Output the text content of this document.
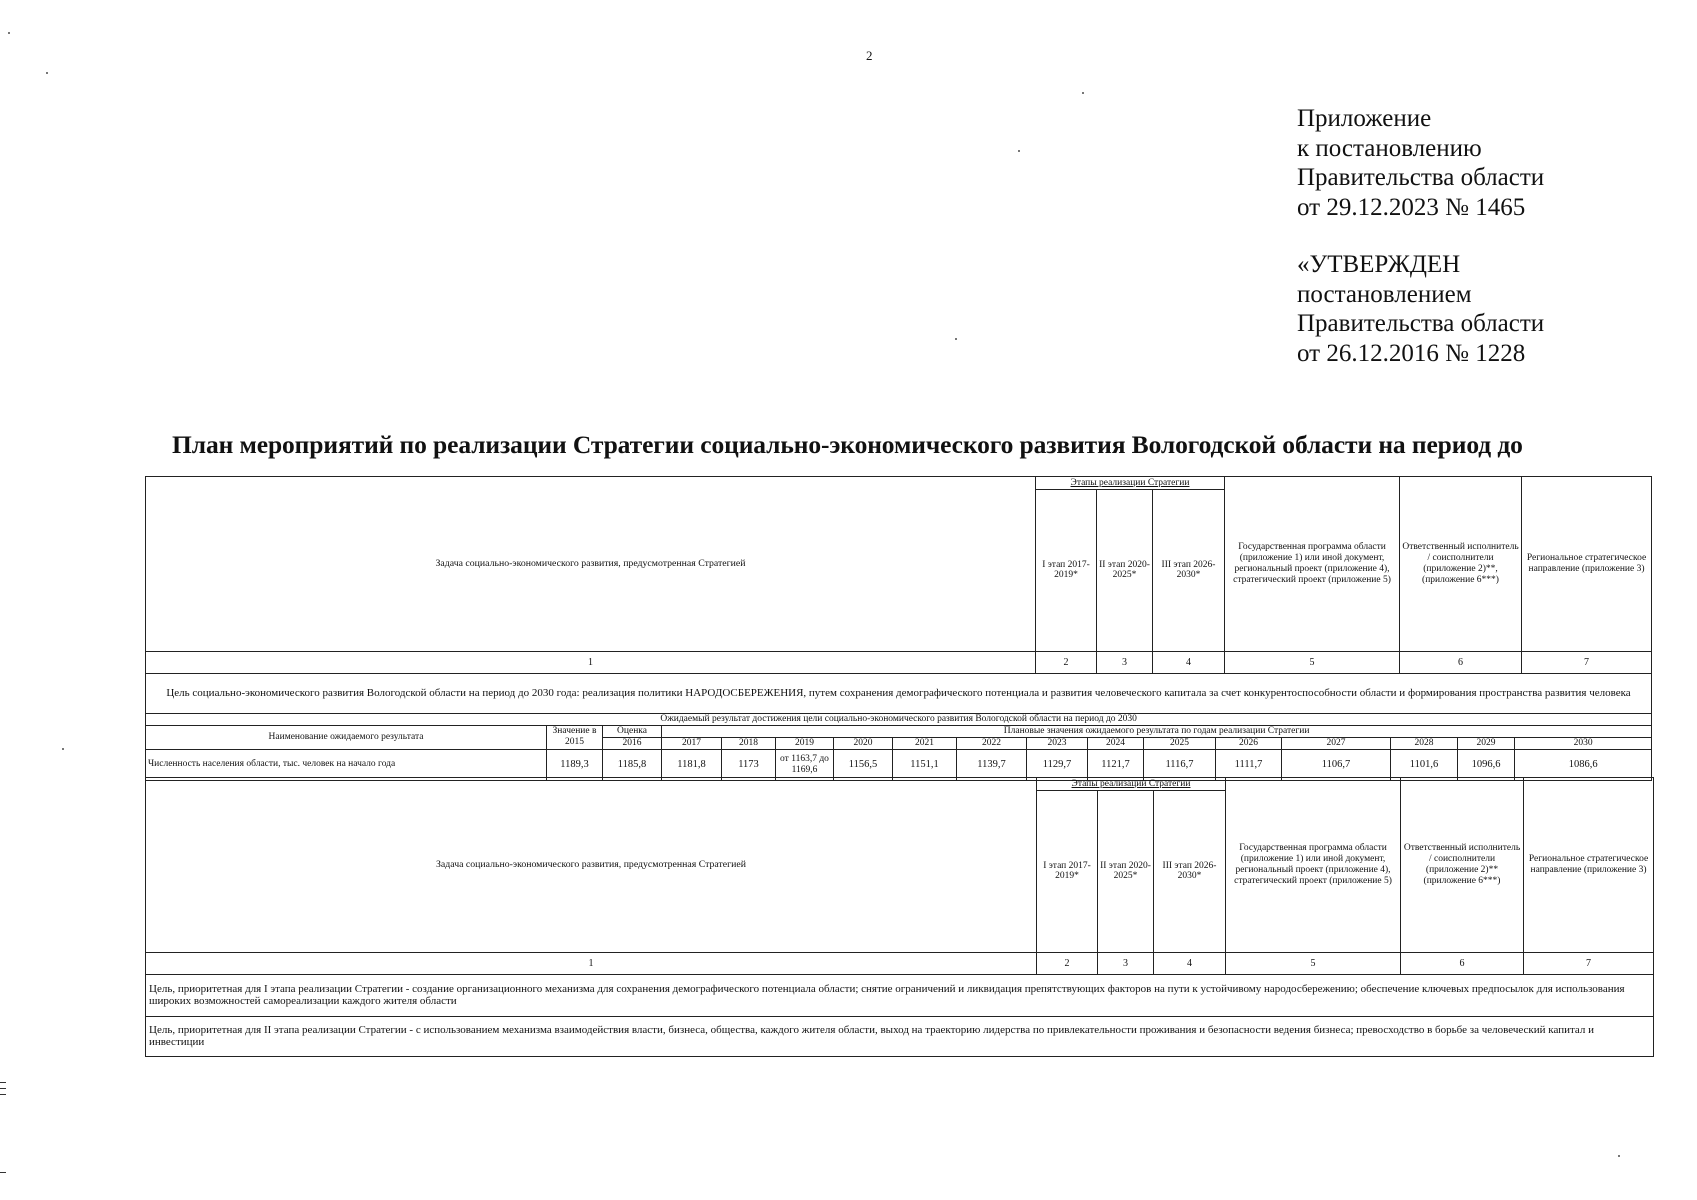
2
Приложение
к постановлению
Правительства области
от 29.12.2023 № 1465
«УТВЕРЖДЕН
постановлением
Правительства области
от 26.12.2016 № 1228
План мероприятий по реализации Стратегии социально-экономического развития Вологодской области на период до
Задача социально-экономического развития, предусмотренная Стратегией	Этапы реализации Стратегии			Государственная программа области (приложение 1) или иной документ, региональный проект (приложение 4), стратегический проект (приложение 5)	Ответственный исполнитель / соисполнители (приложение 2)**, (приложение 6***)	Региональное стратегическое направление (приложение 3)
	I этап 2017-2019*	II этап 2020-2025*	III этап 2026-2030*			
1	2	3	4	5	6	7
Цель социально-экономического развития Вологодской области на период до 2030 года: реализация политики НАРОДОСБЕРЕЖЕНИЯ, путем сохранения демографического потенциала и развития человеческого капитала за счет конкурентоспособности области и формирования пространства развития человека						
Ожидаемый результат достижения цели социально-экономического развития Вологодской области на период до 2030																
Наименование ожидаемого результата	Значение в 2015	Оценка	Плановые значения ожидаемого результата по годам реализации Стратегии													
		2016	2017	2018	2019	2020	2021	2022	2023	2024	2025	2026	2027	2028	2029	2030
Численность населения области, тыс. человек на начало года	1189,3	1185,8	1181,8	1173	от 1163,7 до 1169,6	1156,5	1151,1	1139,7	1129,7	1121,7	1116,7	1111,7	1106,7	1101,6	1096,6	1086,6
Задача социально-экономического развития, предусмотренная Стратегией	Этапы реализации Стратегии			Государственная программа области (приложение 1) или иной документ, региональный проект (приложение 4), стратегический проект (приложение 5)	Ответственный исполнитель / соисполнители (приложение 2)** (приложение 6***)	Региональное стратегическое направление (приложение 3)
	I этап 2017-2019*	II этап 2020-2025*	III этап 2026-2030*			
1	2	3	4	5	6	7
Цель, приоритетная для I этапа реализации Стратегии - создание организационного механизма для сохранения демографического потенциала области; снятие ограничений и ликвидация препятствующих факторов на пути к устойчивому народосбережению; обеспечение ключевых предпосылок для использования широких возможностей самореализации каждого жителя области						
Цель, приоритетная для II этапа реализации Стратегии - с использованием механизма взаимодействия власти, бизнеса, общества, каждого жителя области, выход на траекторию лидерства по привлекательности проживания и безопасности ведения бизнеса; превосходство в борьбе за человеческий капитал и инвестиции						
